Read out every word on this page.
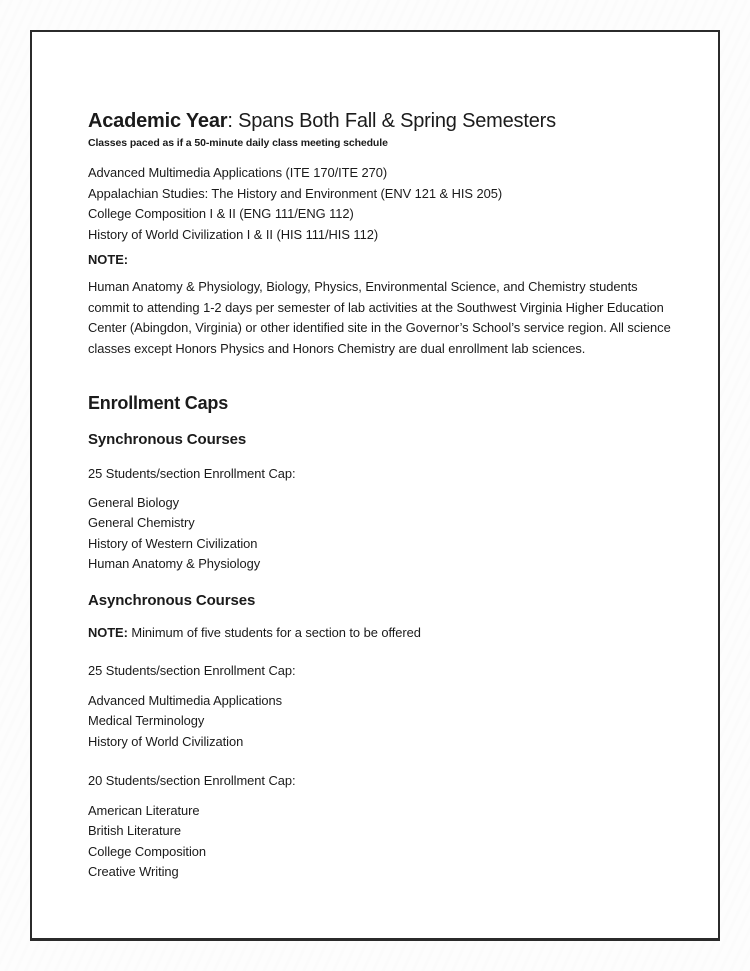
Academic Year: Spans Both Fall & Spring Semesters
Classes paced as if a 50-minute daily class meeting schedule
Advanced Multimedia Applications (ITE 170/ITE 270)
Appalachian Studies: The History and Environment (ENV 121 & HIS 205)
College Composition I & II (ENG 111/ENG 112)
History of World Civilization I & II (HIS 111/HIS 112)
NOTE:
Human Anatomy & Physiology, Biology, Physics, Environmental Science, and Chemistry students commit to attending 1-2 days per semester of lab activities at the Southwest Virginia Higher Education Center (Abingdon, Virginia) or other identified site in the Governor’s School’s service region. All science classes except Honors Physics and Honors Chemistry are dual enrollment lab sciences.
Enrollment Caps
Synchronous Courses
25 Students/section Enrollment Cap:
General Biology
General Chemistry
History of Western Civilization
Human Anatomy & Physiology
Asynchronous Courses
NOTE: Minimum of five students for a section to be offered
25 Students/section Enrollment Cap:
Advanced Multimedia Applications
Medical Terminology
History of World Civilization
20 Students/section Enrollment Cap:
American Literature
British Literature
College Composition
Creative Writing
